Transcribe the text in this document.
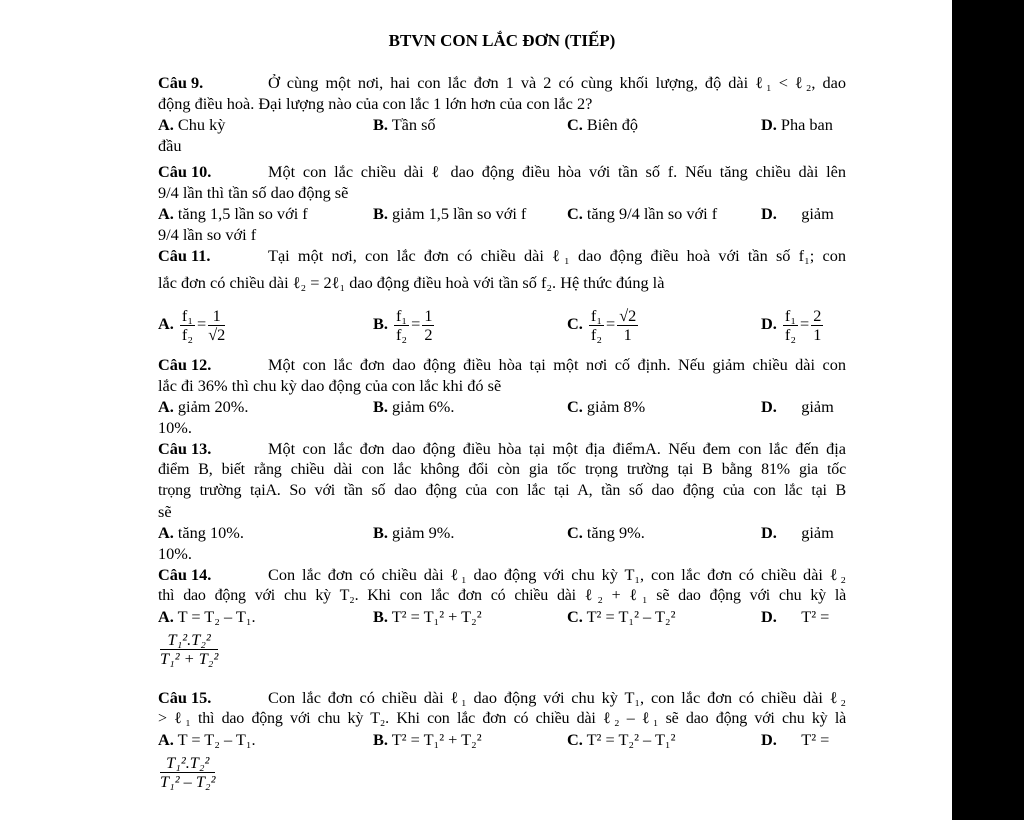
BTVN CON LẮC ĐƠN (TIẾP)
Câu 9.	Ở cùng một nơi, hai con lắc đơn 1 và 2 có cùng khối lượng, độ dài ℓ₁ < ℓ₂, dao
động điều hoà. Đại lượng nào của con lắc 1 lớn hơn của con lắc 2?
A. Chu kỳ	B. Tần số	C. Biên độ	D. Pha ban
đầu
Câu 10.	Một con lắc chiều dài ℓ dao động điều hòa với tần số f. Nếu tăng chiều dài lên
9/4 lần thì tần số dao động sẽ
A. tăng 1,5 lần so với f	B. giảm 1,5 lần so với f C. tăng 9/4 lần so với f	D. giảm
9/4 lần so với f
Câu 11.	Tại một nơi, con lắc đơn có chiều dài ℓ₁ dao động điều hoà với tần số f₁; con
lắc đơn có chiều dài ℓ₂ = 2ℓ₁ dao động điều hoà với tần số f₂. Hệ thức đúng là
A. $\frac{\text{f₁}}{\text{f₂}} = \frac{1}{√2}$	B. $\frac{\text{f₁}}{\text{f₂}} = \frac{1}{2}$	C. $\frac{\text{f₁}}{\text{f₂}} = \frac{√2}{1}$	D. $\frac{\text{f₁}}{\text{f₂}} = \frac{2}{1}$
Câu 12.	Một con lắc đơn dao động điều hòa tại một nơi cố định. Nếu giảm chiều dài con
lắc đi 36% thì chu kỳ dao động của con lắc khi đó sẽ
A. giảm 20%.	B. giảm 6%.	C. giảm 8%	D. giảm
10%.
Câu 13.	Một con lắc đơn dao động điều hòa tại một địa điểmA. Nếu đem con lắc đến địa
điểm B, biết rằng chiều dài con lắc không đổi còn gia tốc trọng trường tại B bằng 81% gia tốc
trọng trường tạiA. So với tần số dao động của con lắc tại A, tần số dao động của con lắc tại B
sẽ
A. tăng 10%.	B. giảm 9%.	C. tăng 9%.	D. giảm
10%.
Câu 14.	Con lắc đơn có chiều dài ℓ₁ dao động với chu kỳ T₁, con lắc đơn có chiều dài ℓ₂
thì dao động với chu kỳ T₂. Khi con lắc đơn có chiều dài ℓ₂ + ℓ₁ sẽ dao động với chu kỳ là
A. T = T₂ – T₁.	B. T² = T₁² + T₂²	C. T² = T₁² – T₂²	D. T² =
$\frac{\text{T₁².T₂²}}{\text{T₁² + T₂²}}$
Câu 15.	Con lắc đơn có chiều dài ℓ₁ dao động với chu kỳ T₁, con lắc đơn có chiều dài ℓ₂
> ℓ₁ thì dao động với chu kỳ T₂. Khi con lắc đơn có chiều dài ℓ₂ – ℓ₁ sẽ dao động với chu kỳ là
A. T = T₂ – T₁.	B. T² = T₁² + T₂²	C. T² = T₂² – T₁²	D. T² =
$\frac{\text{T₁².T₂²}}{\text{T₁² – T₂²}}$
